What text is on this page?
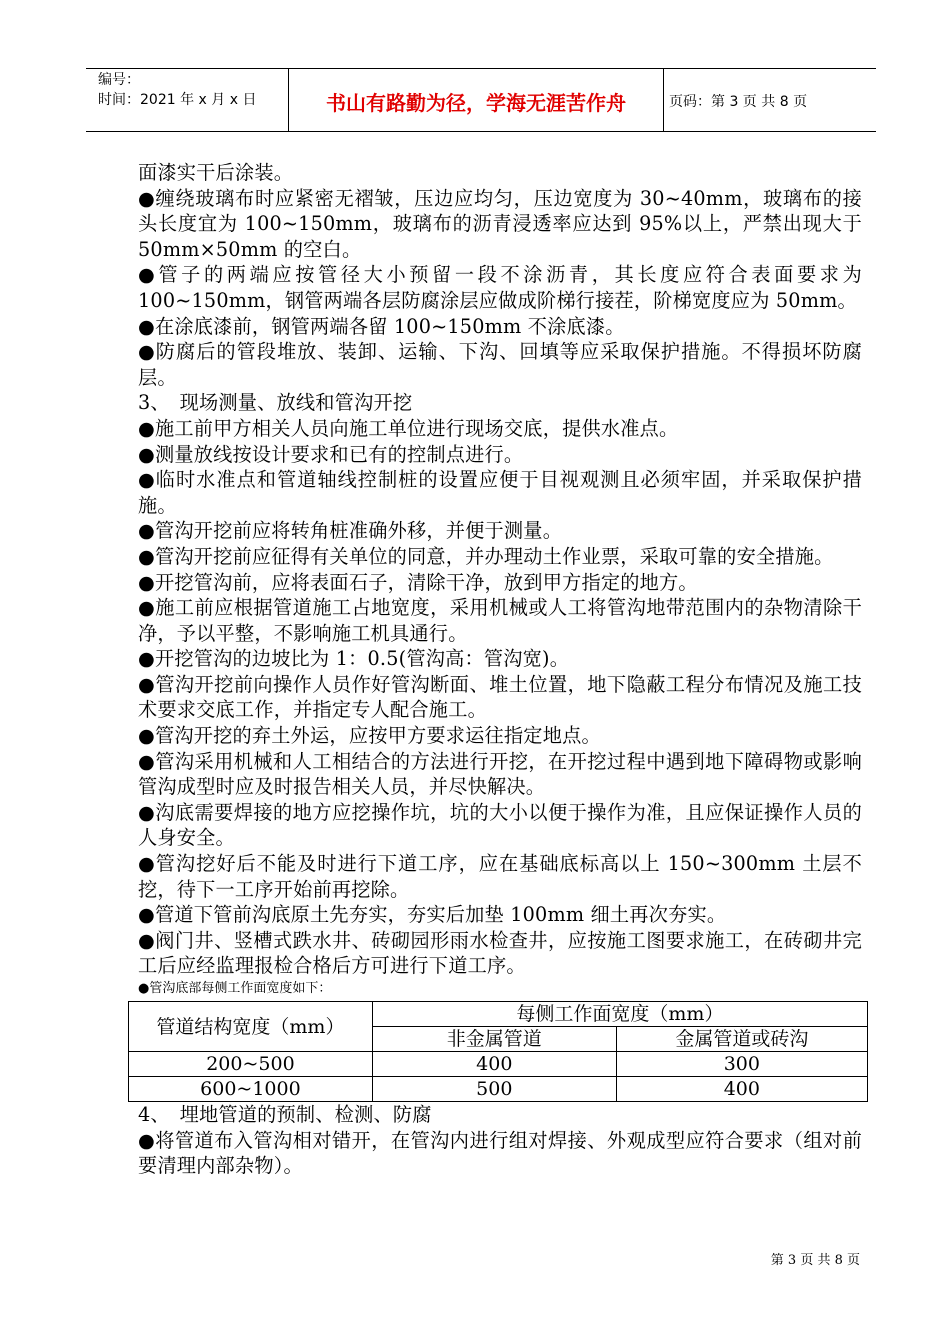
编号：
时间：2021 年 x 月 x 日	书山有路勤为径，学海无涯苦作舟	页码：第 3 页 共 8 页

面漆实干后涂装。

●缠绕玻璃布时应紧密无褶皱，压边应均匀，压边宽度为 30~40mm，玻璃布的接头长度宜为 100~150mm，玻璃布的沥青浸透率应达到 95%以上，严禁出现大于 50mm×50mm 的空白。

●管子的两端应按管径大小预留一段不涂沥青，其长度应符合表面要求为 100~150mm，钢管两端各层防腐涂层应做成阶梯行接茬，阶梯宽度应为 50mm。

●在涂底漆前，钢管两端各留 100~150mm 不涂底漆。

●防腐后的管段堆放、装卸、运输、下沟、回填等应采取保护措施。不得损坏防腐层。

3、　现场测量、放线和管沟开挖

●施工前甲方相关人员向施工单位进行现场交底，提供水准点。

●测量放线按设计要求和已有的控制点进行。

●临时水准点和管道轴线控制桩的设置应便于目视观测且必须牢固，并采取保护措施。

●管沟开挖前应将转角桩准确外移，并便于测量。

●管沟开挖前应征得有关单位的同意，并办理动土作业票，采取可靠的安全措施。

●开挖管沟前，应将表面石子，清除干净，放到甲方指定的地方。

●施工前应根据管道施工占地宽度，采用机械或人工将管沟地带范围内的杂物清除干净，予以平整，不影响施工机具通行。

●开挖管沟的边坡比为 1：0.5(管沟高：管沟宽)。

●管沟开挖前向操作人员作好管沟断面、堆土位置，地下隐蔽工程分布情况及施工技术要求交底工作，并指定专人配合施工。

●管沟开挖的弃土外运，应按甲方要求运往指定地点。

●管沟采用机械和人工相结合的方法进行开挖，在开挖过程中遇到地下障碍物或影响管沟成型时应及时报告相关人员，并尽快解决。

●沟底需要焊接的地方应挖操作坑，坑的大小以便于操作为准，且应保证操作人员的人身安全。

●管沟挖好后不能及时进行下道工序，应在基础底标高以上 150~300mm 土层不挖，待下一工序开始前再挖除。

●管道下管前沟底原土先夯实，夯实后加垫 100mm 细土再次夯实。

●阀门井、竖槽式跌水井、砖砌园形雨水检查井，应按施工图要求施工，在砖砌井完工后应经监理报检合格后方可进行下道工序。

●管沟底部每侧工作面宽度如下：

管道结构宽度（mm）	每侧工作面宽度（mm）	
	非金属管道	金属管道或砖沟
200~500	400	300
600~1000	500	400

4、　埋地管道的预制、检测、防腐

●将管道布入管沟相对错开，在管沟内进行组对焊接、外观成型应符合要求（组对前要清理内部杂物）。

第 3 页 共 8 页
